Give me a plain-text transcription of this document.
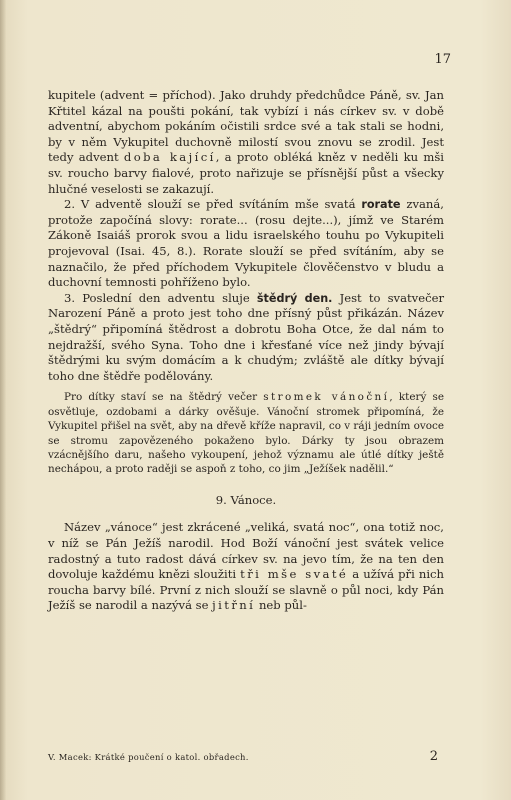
17

kupitele (advent = příchod). Jako druhdy předchůdce Páně, sv. Jan Křtitel kázal na poušti pokání, tak vybízí i nás církev sv. v době adventní, abychom pokáním očistili srdce své a tak stali se hodni, by v něm Vykupitel duchovně milostí svou znovu se zrodil. Jest tedy advent doba kající, a proto obléká kněz v neděli ku mši sv. roucho barvy fialové, proto nařizuje se přísnější půst a všecky hlučné veselosti se zakazují.

2. V adventě slouží se před svítáním mše svatá rorate zvaná, protože započíná slovy: rorate... (rosu dejte...), jímž ve Starém Zákoně Isaiáš prorok svou a lidu israelského touhu po Vykupiteli projevoval (Isai. 45, 8.). Rorate slouží se před svítáním, aby se naznačilo, že před příchodem Vykupitele člověčenstvo v bludu a duchovní temnosti pohříženo bylo.

3. Poslední den adventu sluje štědrý den. Jest to svatvečer Narození Páně a proto jest toho dne přísný půst přikázán. Název „štědrý“ připomíná štědrost a dobrotu Boha Otce, že dal nám to nejdražší, svého Syna. Toho dne i křesťané více než jindy bývají štědrými ku svým domácím a k chudým; zvláště ale dítky bývají toho dne štědře podělovány.

Pro dítky staví se na štědrý večer stromek vánoční, který se osvětluje, ozdobami a dárky ověšuje. Vánoční stromek připomíná, že Vykupitel přišel na svět, aby na dřevě kříže napravil, co v ráji jedním ovoce se stromu zapovězeného pokaženo bylo. Dárky ty jsou obrazem vzácnějšího daru, našeho vykoupení, jehož významu ale útlé dítky ještě nechápou, a proto raději se aspoň z toho, co jim „Ježíšek nadělil.“

9. Vánoce.

Název „vánoce“ jest zkrácené „veliká, svatá noc“, ona totiž noc, v níž se Pán Ježíš narodil. Hod Boží vánoční jest svátek velice radostný a tuto radost dává církev sv. na jevo tím, že na ten den dovoluje každému knězi sloužiti tři mše svaté a užívá při nich roucha barvy bílé. První z nich slouží se slavně o půl noci, kdy Pán Ježíš se narodil a nazývá se jitřní neb půl-

V. Macek: Krátké poučení o katol. obřadech.	2
